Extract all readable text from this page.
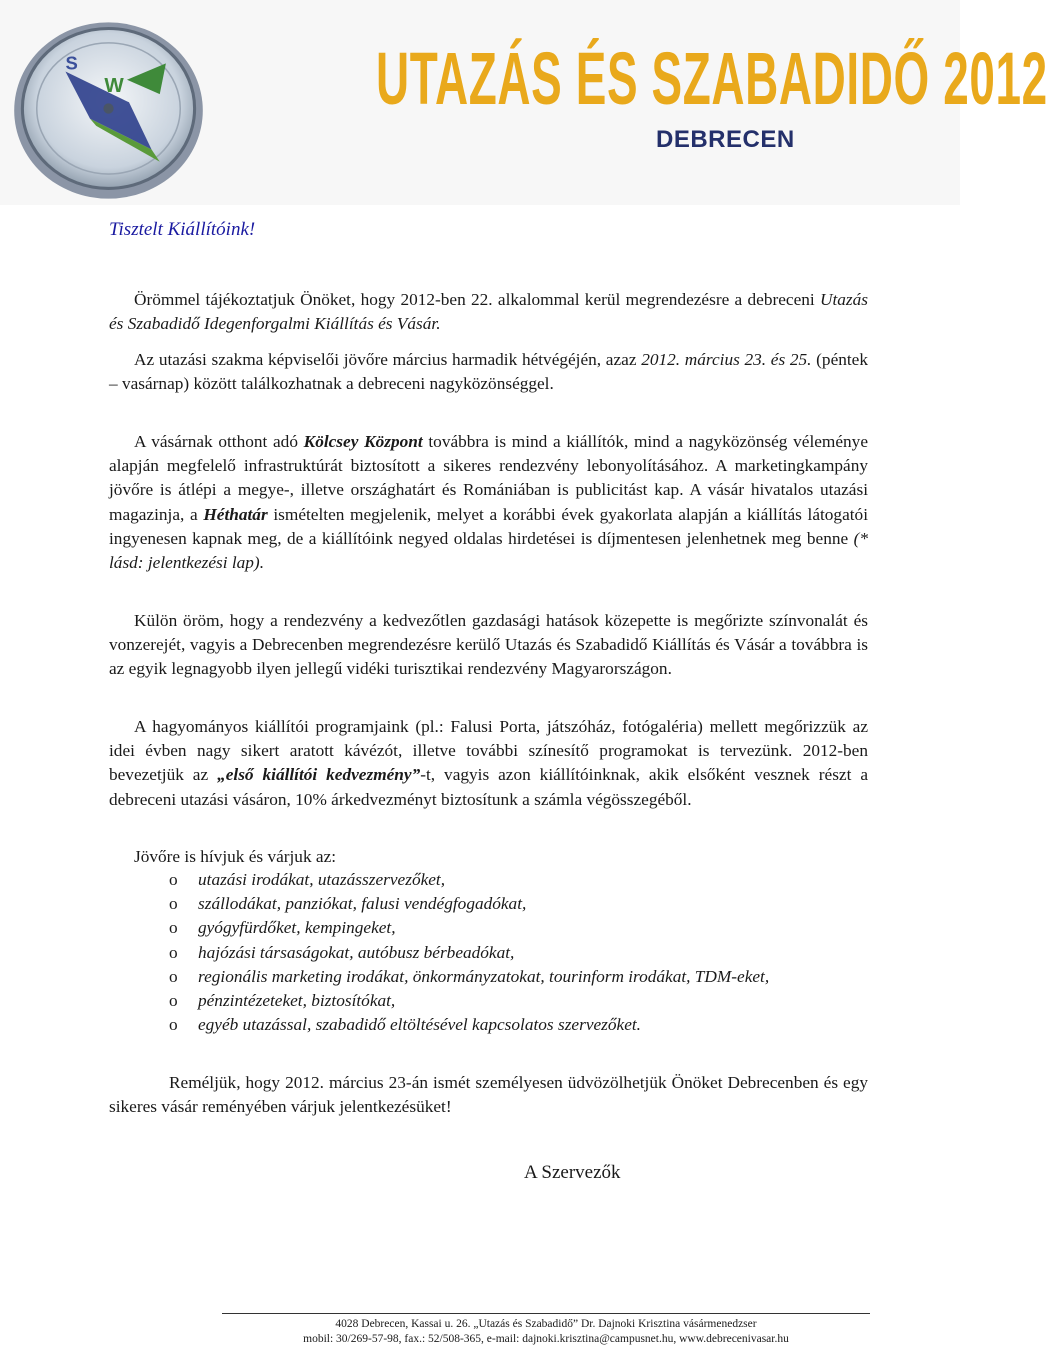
S
W	UTAZÁS ÉS SZABADIDŐ 2012
DEBRECEN
Tisztelt Kiállítóink!
Örömmel tájékoztatjuk Önöket, hogy 2012-ben 22. alkalommal kerül megrendezésre a debreceni Utazás és Szabadidő Idegenforgalmi Kiállítás és Vásár.
Az utazási szakma képviselői jövőre március harmadik hétvégéjén, azaz 2012. március 23. és 25. (péntek – vasárnap) között találkozhatnak a debreceni nagyközönséggel.
A vásárnak otthont adó Kölcsey Központ továbbra is mind a kiállítók, mind a nagyközönség véleménye alapján megfelelő infrastruktúrát biztosított a sikeres rendezvény lebonyolításához. A marketingkampány jövőre is átlépi a megye-, illetve országhatárt és Romániában is publicitást kap. A vásár hivatalos utazási magazinja, a Héthatár ismételten megjelenik, melyet a korábbi évek gyakorlata alapján a kiállítás látogatói ingyenesen kapnak meg, de a kiállítóink negyed oldalas hirdetései is díjmentesen jelenhetnek meg benne (* lásd: jelentkezési lap).
Külön öröm, hogy a rendezvény a kedvezőtlen gazdasági hatások közepette is megőrizte színvonalát és vonzerejét, vagyis a Debrecenben megrendezésre kerülő Utazás és Szabadidő Kiállítás és Vásár a továbbra is az egyik legnagyobb ilyen jellegű vidéki turisztikai rendezvény Magyarországon.
A hagyományos kiállítói programjaink (pl.: Falusi Porta, játszóház, fotógaléria) mellett megőrizzük az idei évben nagy sikert aratott kávézót, illetve további színesítő programokat is tervezünk. 2012-ben bevezetjük az „első kiállítói kedvezmény”-t, vagyis azon kiállítóinknak, akik elsőként vesznek részt a debreceni utazási vásáron, 10% árkedvezményt biztosítunk a számla végösszegéből.
Jövőre is hívjuk és várjuk az:
o utazási irodákat, utazásszervezőket,
o szállodákat, panziókat, falusi vendégfogadókat,
o gyógyfürdőket, kempingeket,
o hajózási társaságokat, autóbusz bérbeadókat,
o regionális marketing irodákat, önkormányzatokat, tourinform irodákat, TDM-eket,
o pénzintézeteket, biztosítókat,
o egyéb utazással, szabadidő eltöltésével kapcsolatos szervezőket.
Reméljük, hogy 2012. március 23-án ismét személyesen üdvözölhetjük Önöket Debrecenben és egy sikeres vásár reményében várjuk jelentkezésüket!
A Szervezők
4028 Debrecen, Kassai u. 26. „Utazás és Szabadidő” Dr. Dajnoki Krisztina vásármenedzser
mobil: 30/269-57-98, fax.: 52/508-365, e-mail: dajnoki.krisztina@campusnet.hu, www.debrecenivasar.hu
